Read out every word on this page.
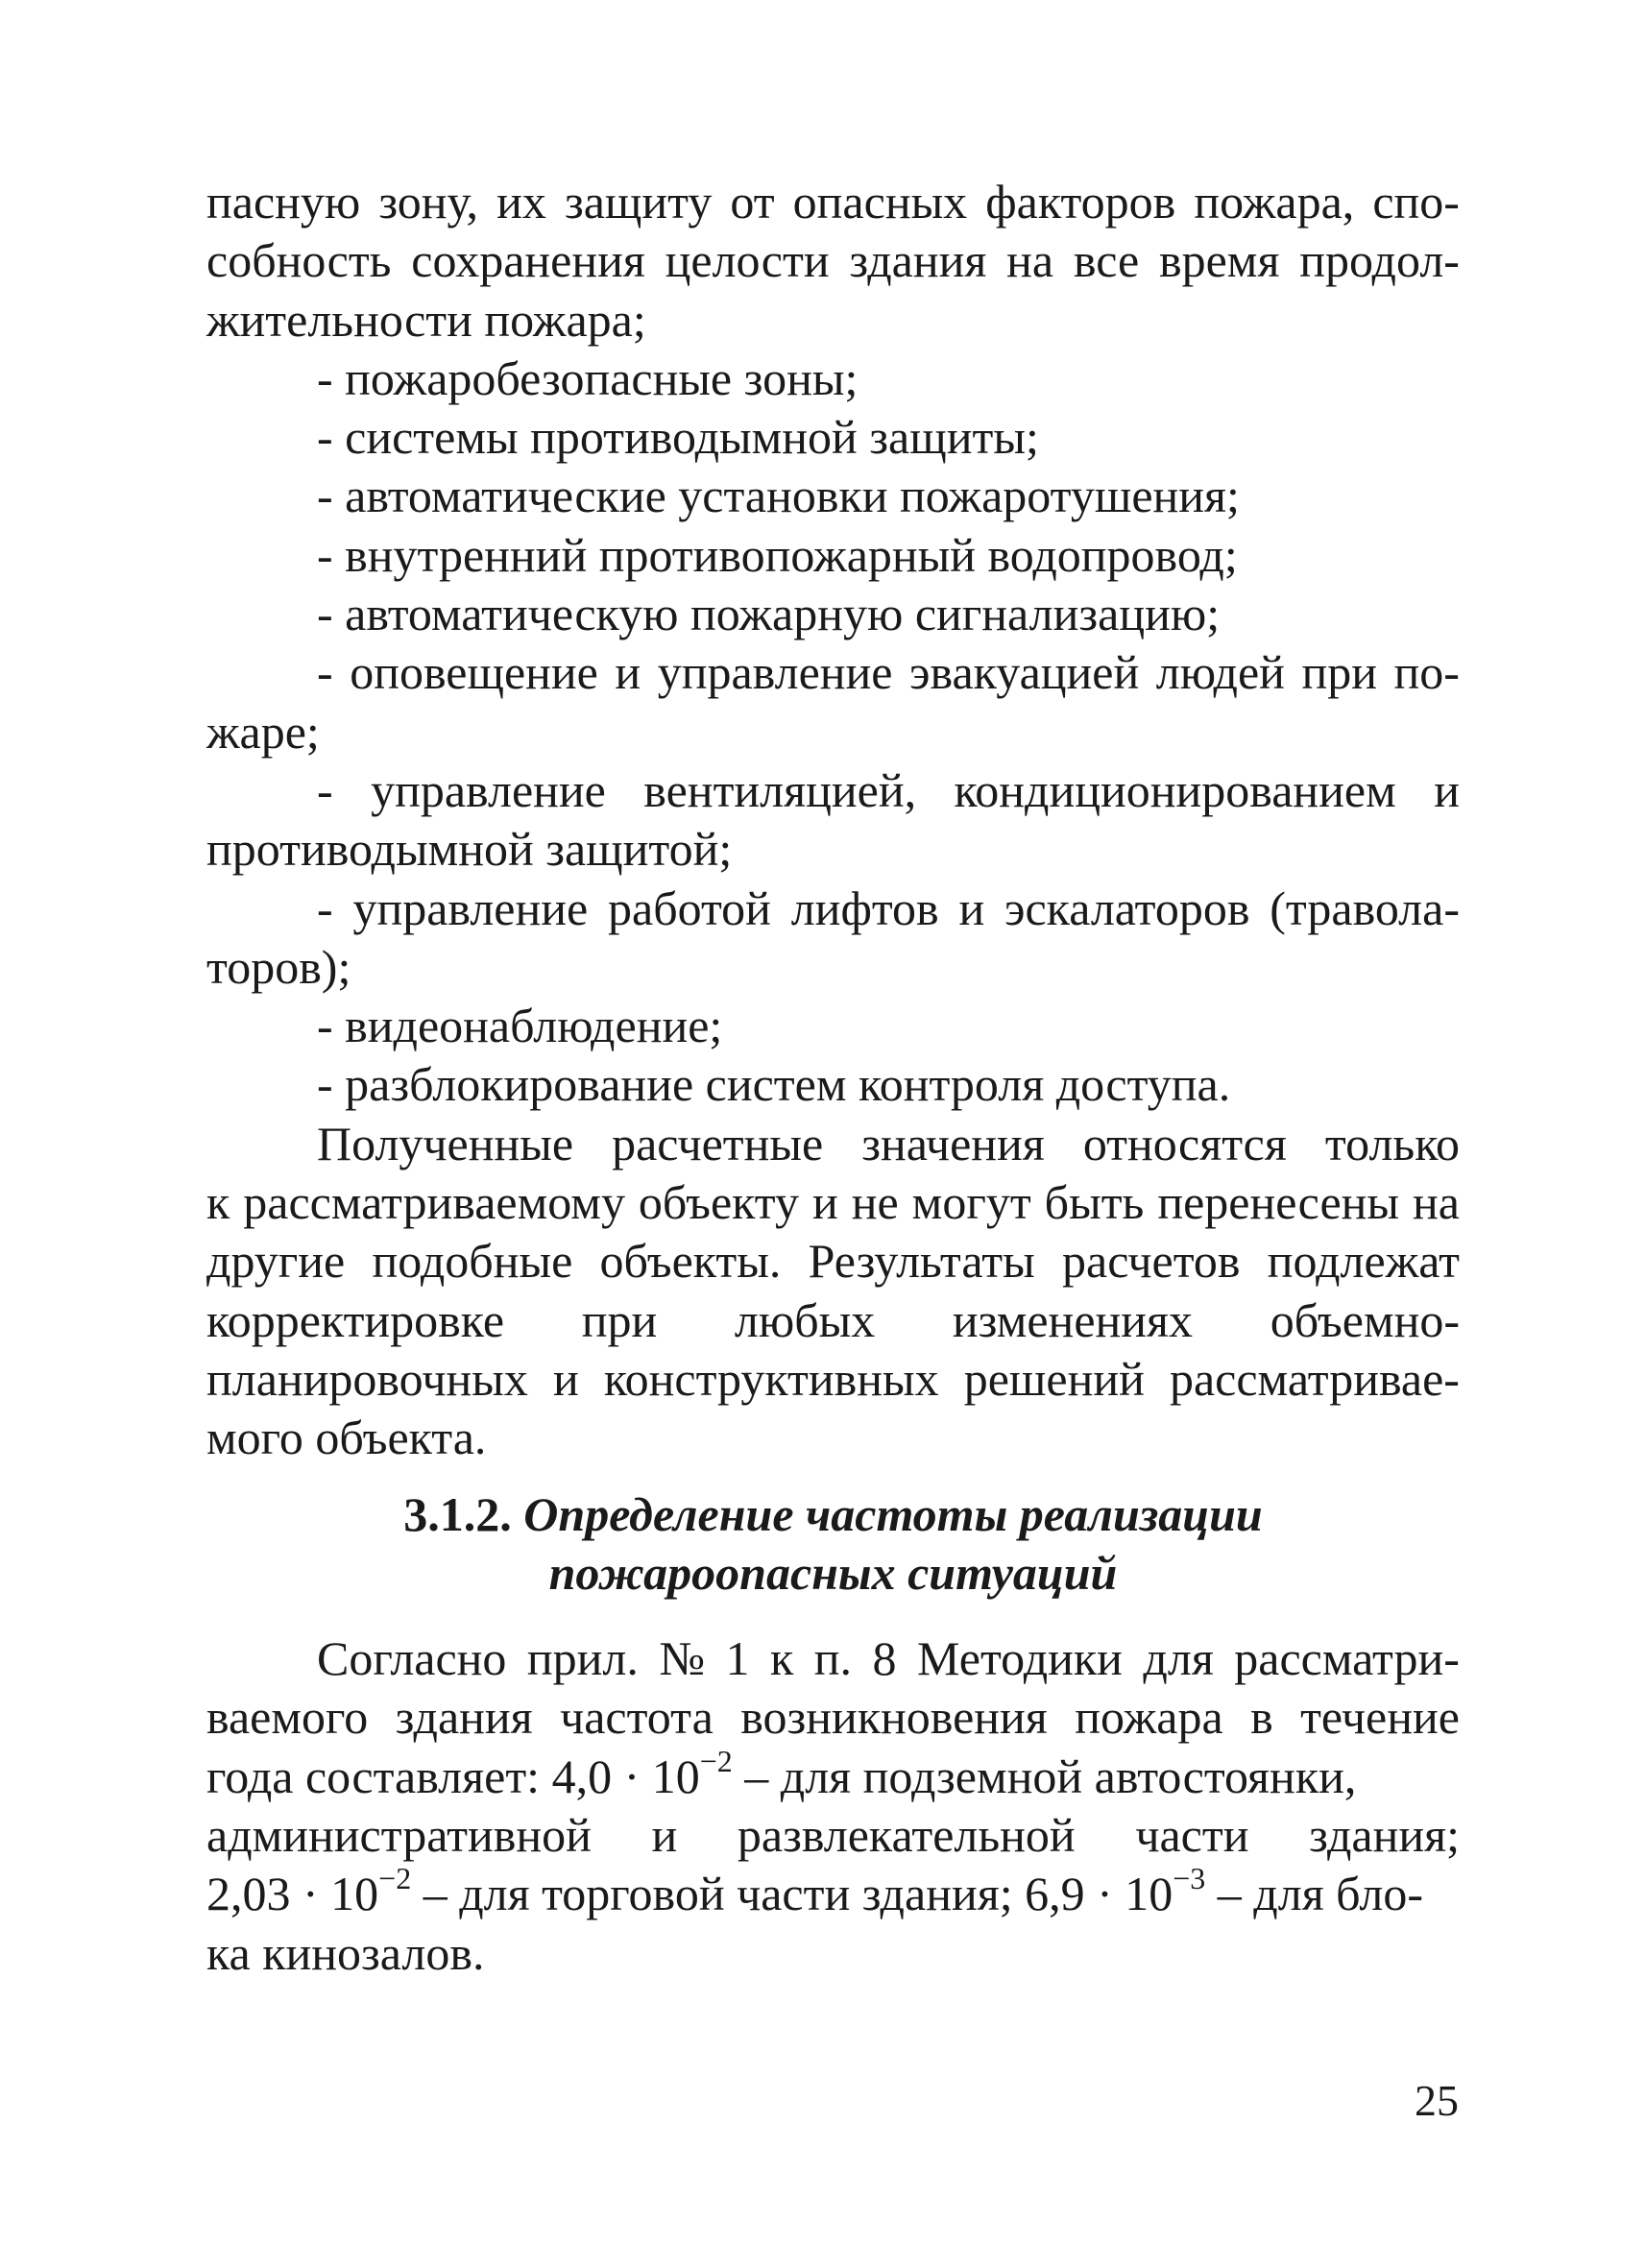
пасную зону, их защиту от опасных факторов пожара, спо-
собность сохранения целости здания на все время продол-
жительности пожара;
- пожаробезопасные зоны;
- системы противодымной защиты;
- автоматические установки пожаротушения;
- внутренний противопожарный водопровод;
- автоматическую пожарную сигнализацию;
- оповещение и управление эвакуацией людей при по-
жаре;
- управление вентиляцией, кондиционированием и
противодымной защитой;
- управление работой лифтов и эскалаторов (травола-
торов);
- видеонаблюдение;
- разблокирование систем контроля доступа.
Полученные расчетные значения относятся только
к рассматриваемому объекту и не могут быть перенесены на
другие подобные объекты. Результаты расчетов подлежат
корректировке при любых изменениях объемно-
планировочных и конструктивных решений рассматривае-
мого объекта.
3.1.2. Определение частоты реализации
пожароопасных ситуаций
Согласно прил. № 1 к п. 8 Методики для рассматри-
ваемого здания частота возникновения пожара в течение
года составляет: $4,0 \cdot 10^{-2}$ – для подземной автостоянки,
административной и развлекательной части здания;
$2,03 \cdot 10^{-2}$ – для торговой части здания; $6,9 \cdot 10^{-3}$ – для бло-
ка кинозалов.
25
